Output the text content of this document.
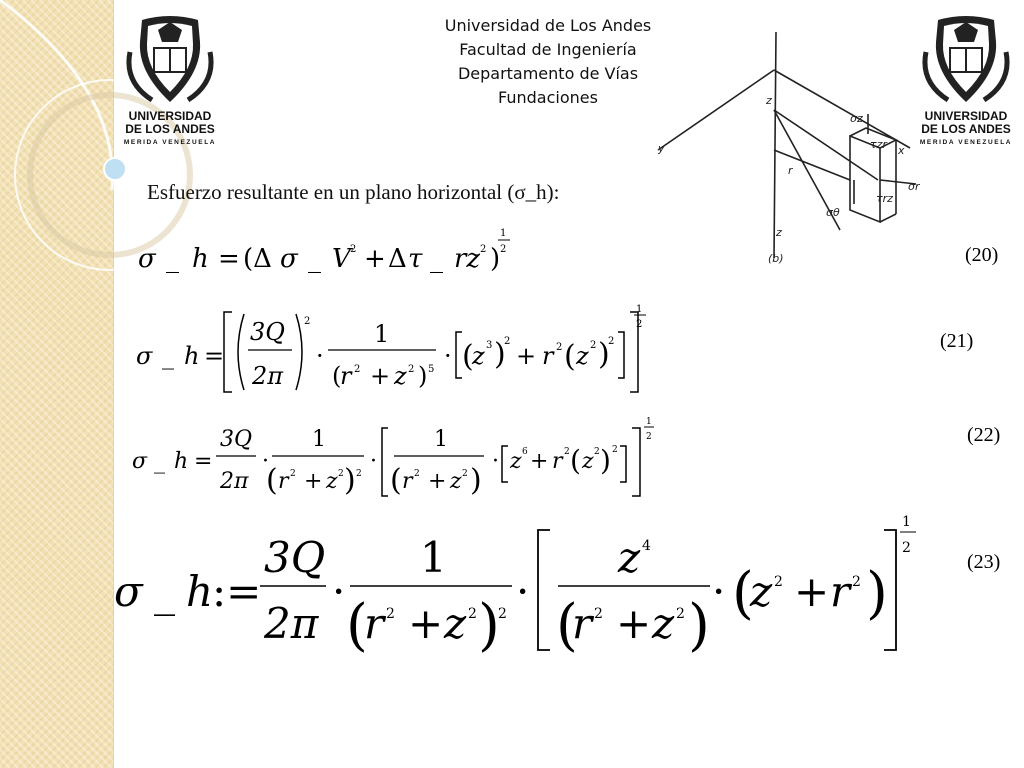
UNIVERSIDAD
DE LOS ANDES
MERIDA VENEZUELA
UNIVERSIDAD
DE LOS ANDES
MERIDA VENEZUELA
Universidad de Los Andes
Facultad de Ingeniería
Departamento de Vías
Fundaciones	z
y	x
σz
τzr
r
σr
σθ
τrz
z
(b)
Esfuerzo resultante en un plano horizontal (σ_h):
σ _ h = (Δ σ _ V 2 + Δ τ _ rz 2 )
1
2	(20)
σ _ h =
3Q
2π
2
·
1
(
r 2 + z 2 ) 5 · (
z 3 )
2
+ r 2 ( z 2 )
2
1
2
(21)
σ _ h =
3Q
2π
·
1
( r 2 + z 2 ) 2 ·
1
( r 2 + z 2 )
· z 6 + r 2 ( z 2 ) 2
1
2	(22)
σ _ h
:=
3Q
2π
·
1
(
r 2 + z 2 )
2 ·
z 4
(
r 2 + z 2 )
· (
z 2 + r 2 )
1
2
(23)
